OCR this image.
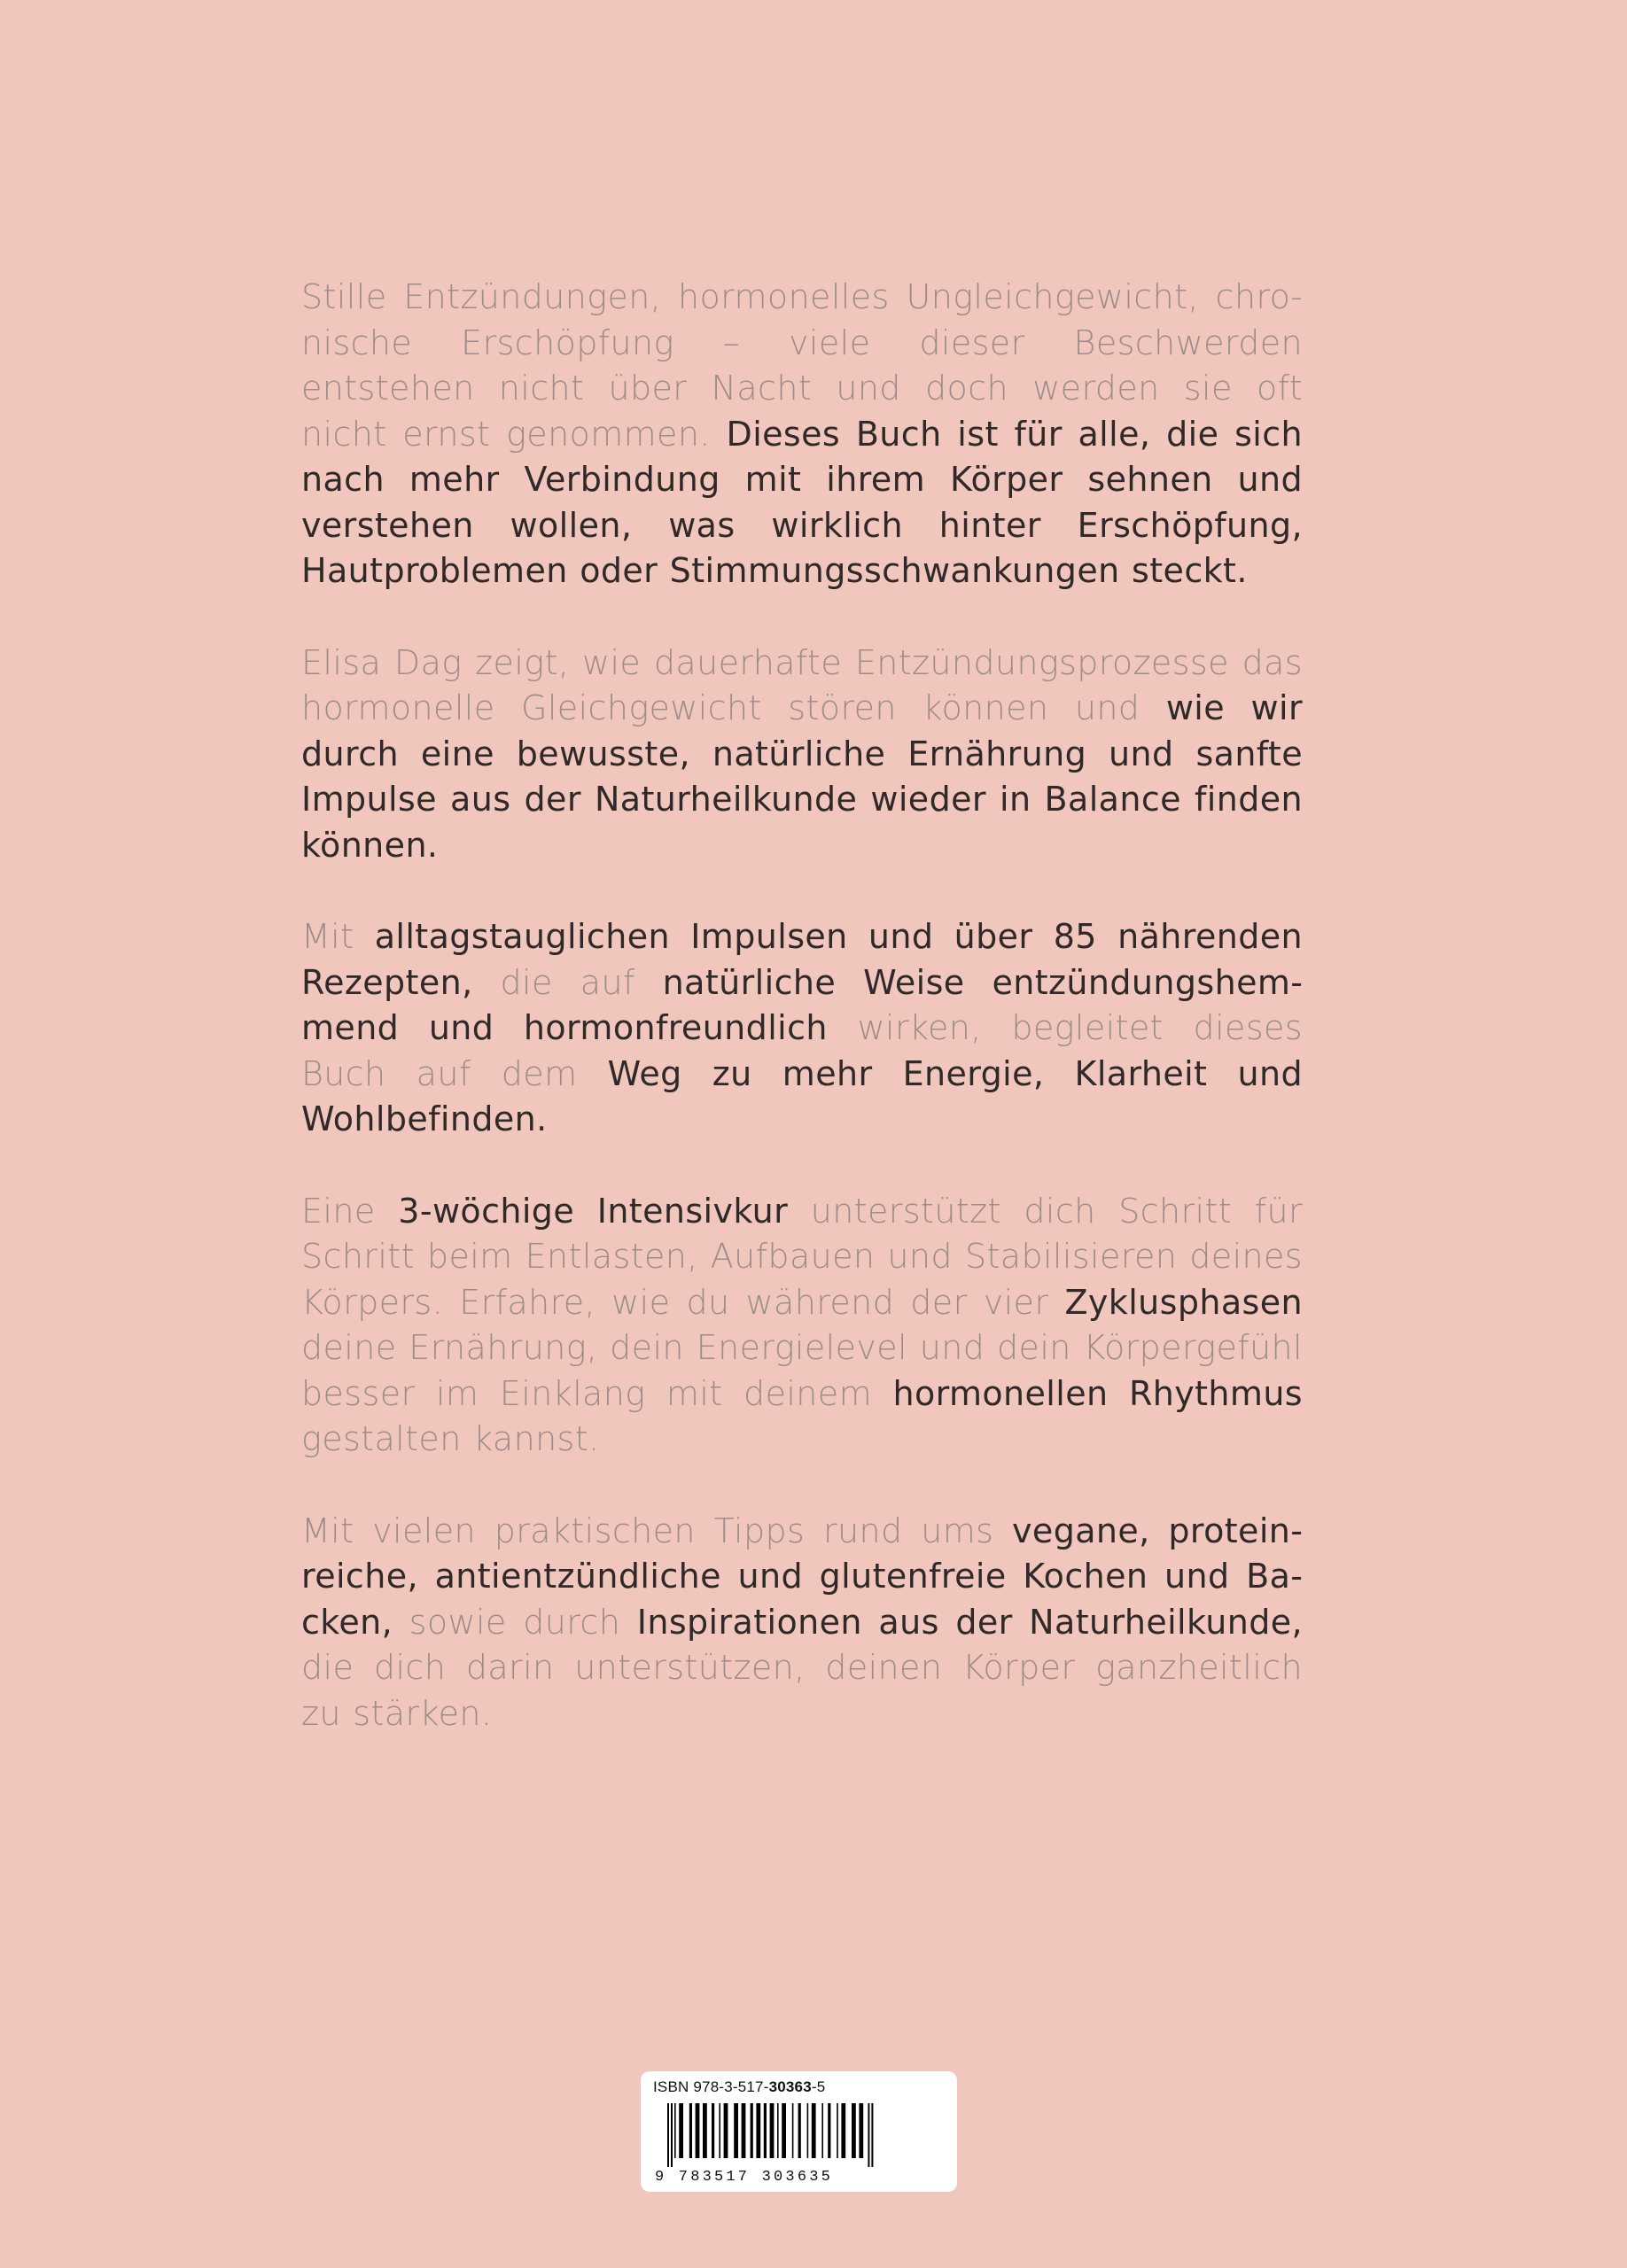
Stille Entzündungen, hormonelles Ungleichgewicht, chronische Erschöpfung – viele dieser Beschwerden entstehen nicht über Nacht und doch werden sie oft nicht ernst genommen. Dieses Buch ist für alle, die sich nach mehr Verbindung mit ihrem Körper sehnen und verstehen wollen, was wirklich hinter Erschöpfung, Hautproblemen oder Stimmungsschwankungen steckt.

Elisa Dag zeigt, wie dauerhafte Entzündungsprozesse das hormonelle Gleichgewicht stören können und wie wir durch eine bewusste, natürliche Ernährung und sanfte Impulse aus der Naturheilkunde wieder in Balance finden können.

Mit alltagstauglichen Impulsen und über 85 nährenden Rezepten, die auf natürliche Weise entzündungshemmend und hormonfreundlich wirken, begleitet dieses Buch auf dem Weg zu mehr Energie, Klarheit und Wohlbefinden.

Eine 3-wöchige Intensivkur unterstützt dich Schritt für Schritt beim Entlasten, Aufbauen und Stabilisieren deines Körpers. Erfahre, wie du während der vier Zyklusphasen deine Ernährung, dein Energielevel und dein Körpergefühl besser im Einklang mit deinem hormonellen Rhythmus gestalten kannst.

Mit vielen praktischen Tipps rund ums vegane, proteinreiche, antientzündliche und glutenfreie Kochen und Backen, sowie durch Inspirationen aus der Naturheilkunde, die dich darin unterstützen, deinen Körper ganzheitlich zu stärken.

ISBN 978-3-517-30363-5
9 783517 303635
